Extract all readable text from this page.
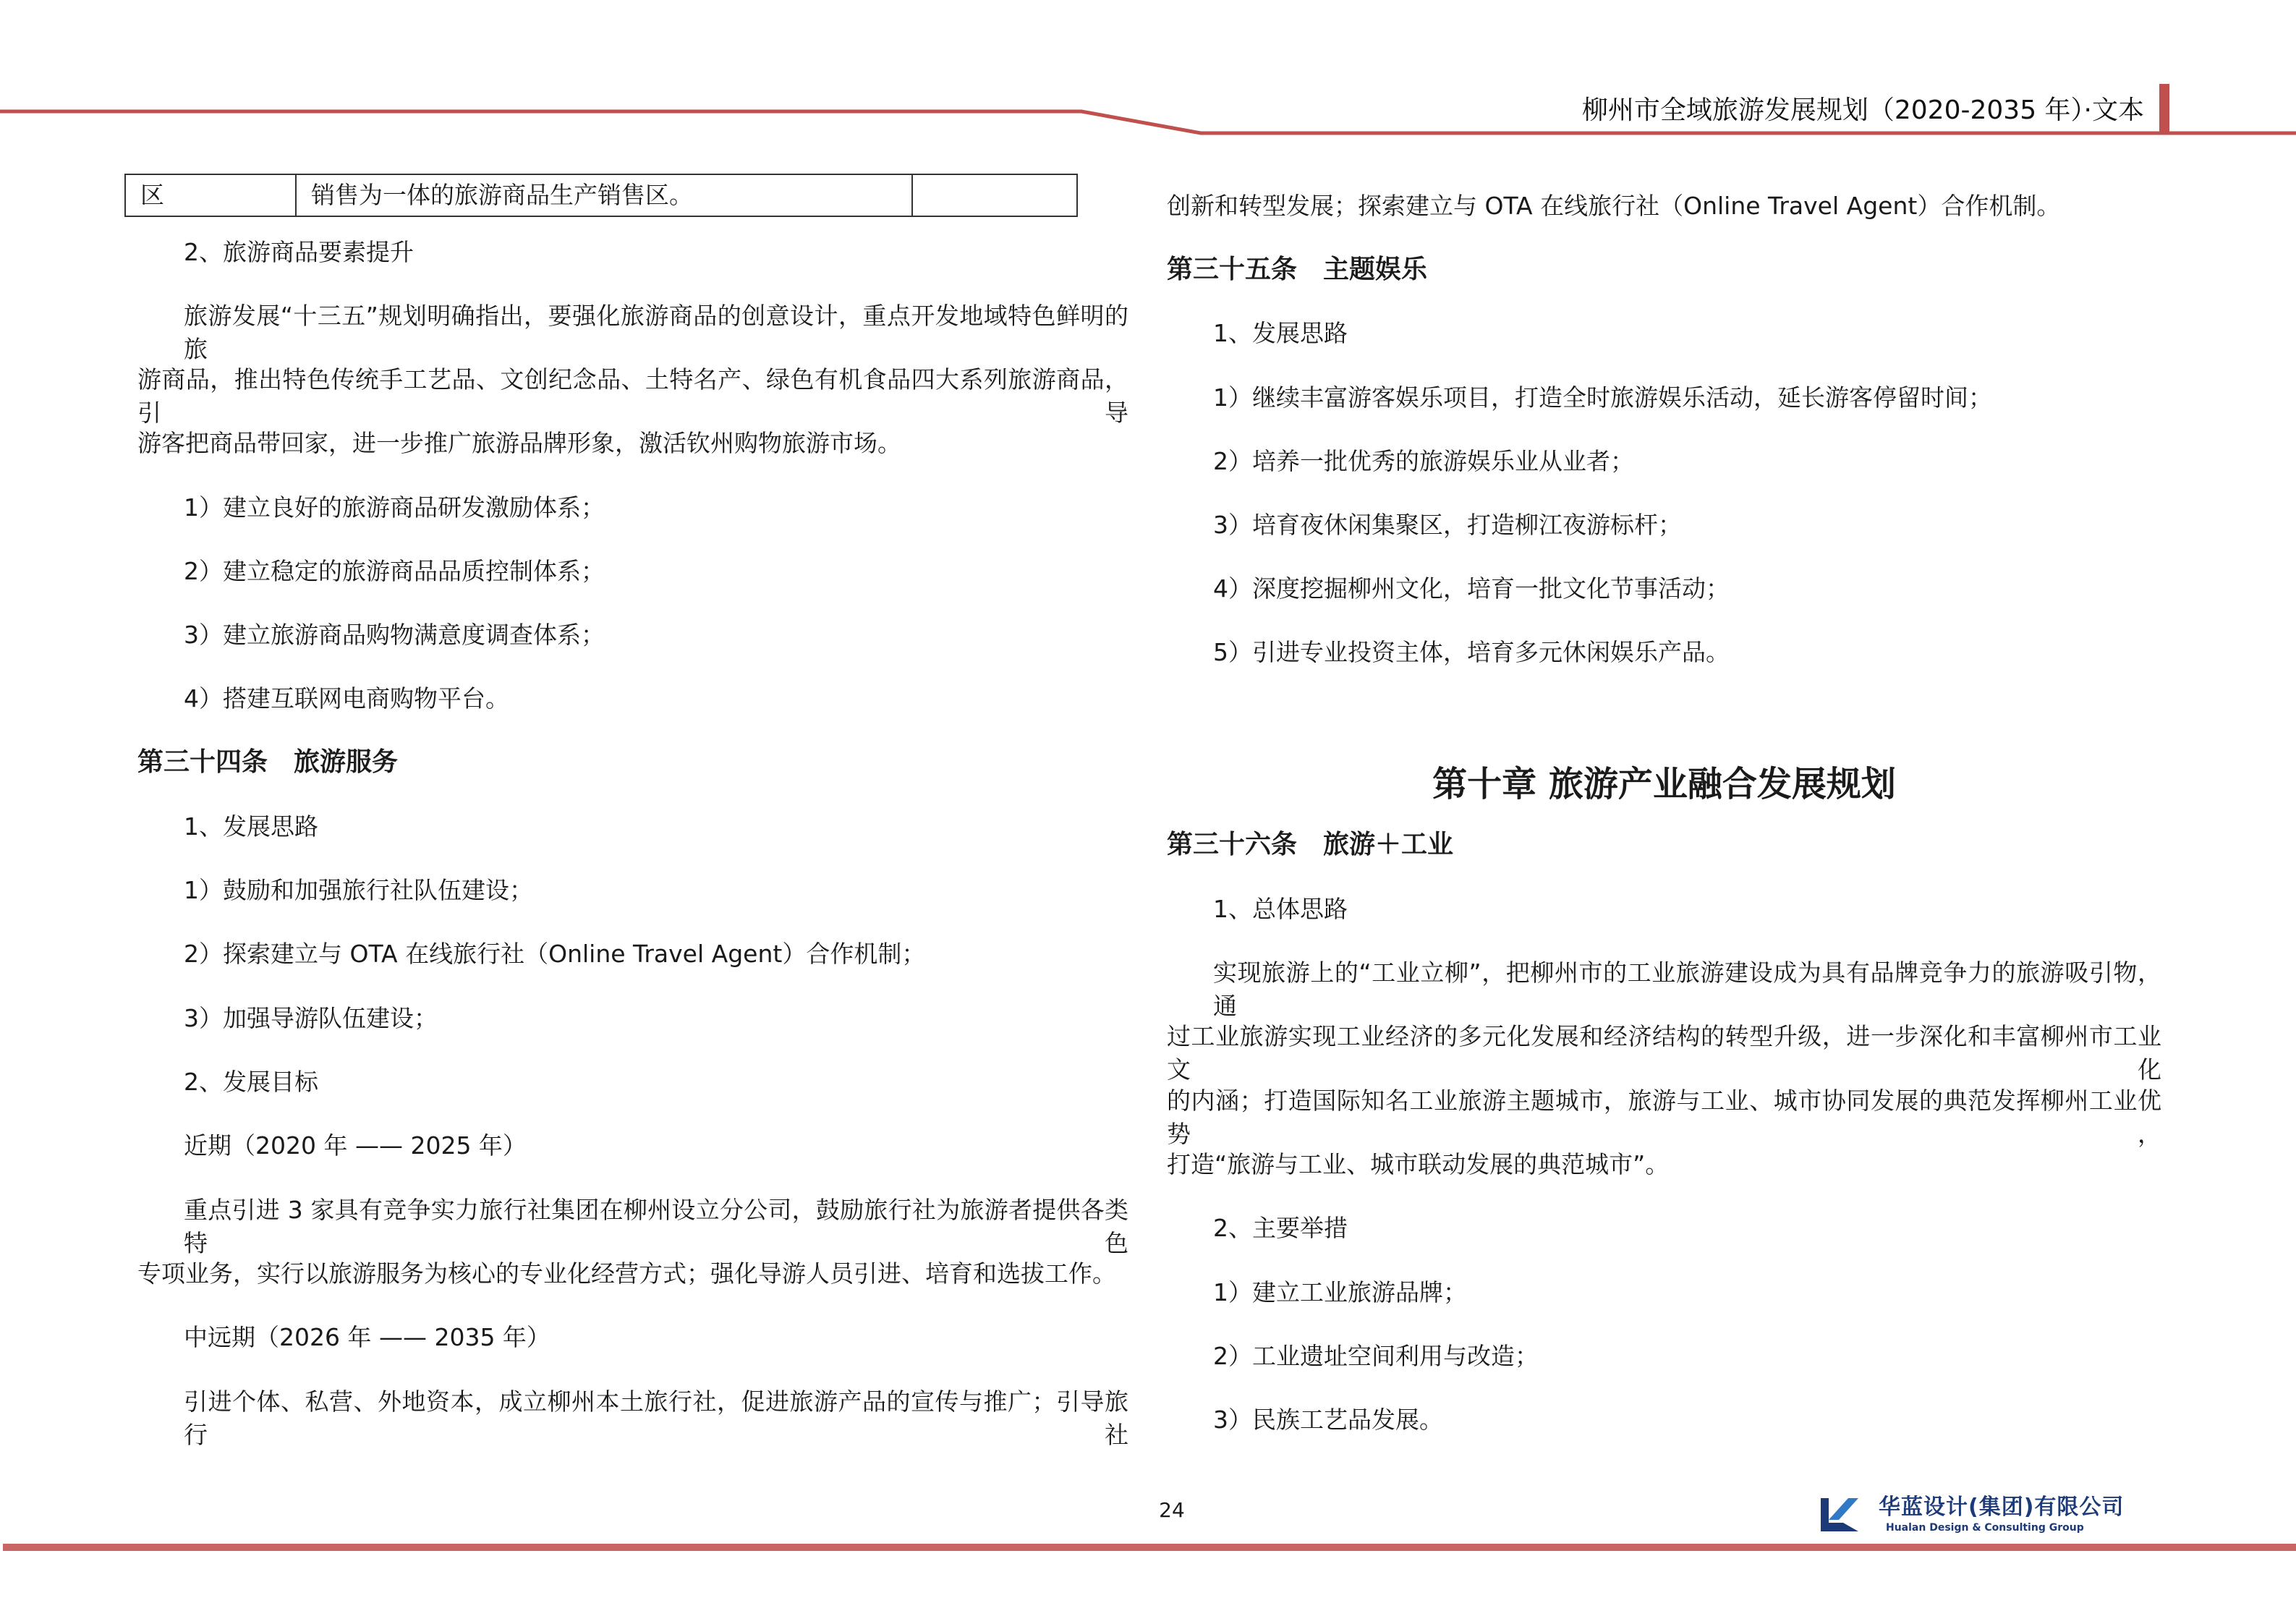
柳州市全域旅游发展规划（2020-2035 年）·文本
区	销售为一体的旅游商品生产销售区。
2、旅游商品要素提升
旅游发展“十三五”规划明确指出，要强化旅游商品的创意设计，重点开发地域特色鲜明的旅
游商品，推出特色传统手工艺品、文创纪念品、土特名产、绿色有机食品四大系列旅游商品，引导
游客把商品带回家，进一步推广旅游品牌形象，激活钦州购物旅游市场。
1）建立良好的旅游商品研发激励体系；
2）建立稳定的旅游商品品质控制体系；
3）建立旅游商品购物满意度调查体系；
4）搭建互联网电商购物平台。
第三十四条　旅游服务
1、发展思路
1）鼓励和加强旅行社队伍建设；
2）探索建立与 OTA 在线旅行社（Online Travel Agent）合作机制；
3）加强导游队伍建设；
2、发展目标
近期（2020 年 —— 2025 年）
重点引进 3 家具有竞争实力旅行社集团在柳州设立分公司，鼓励旅行社为旅游者提供各类特色
专项业务，实行以旅游服务为核心的专业化经营方式；强化导游人员引进、培育和选拔工作。
中远期（2026 年 —— 2035 年）
引进个体、私营、外地资本，成立柳州本土旅行社，促进旅游产品的宣传与推广；引导旅行社
创新和转型发展；探索建立与 OTA 在线旅行社（Online Travel Agent）合作机制。
第三十五条　主题娱乐
1、发展思路
1）继续丰富游客娱乐项目，打造全时旅游娱乐活动，延长游客停留时间；
2）培养一批优秀的旅游娱乐业从业者；
3）培育夜休闲集聚区，打造柳江夜游标杆；
4）深度挖掘柳州文化，培育一批文化节事活动；
5）引进专业投资主体，培育多元休闲娱乐产品。
第十章 旅游产业融合发展规划
第三十六条　旅游＋工业
1、总体思路
实现旅游上的“工业立柳”，把柳州市的工业旅游建设成为具有品牌竞争力的旅游吸引物，通
过工业旅游实现工业经济的多元化发展和经济结构的转型升级，进一步深化和丰富柳州市工业文化
的内涵；打造国际知名工业旅游主题城市，旅游与工业、城市协同发展的典范发挥柳州工业优势，
打造“旅游与工业、城市联动发展的典范城市”。
2、主要举措
1）建立工业旅游品牌；
2）工业遗址空间利用与改造；
3）民族工艺品发展。
24	华蓝设计(集团)有限公司
Hualan Design & Consulting Group
